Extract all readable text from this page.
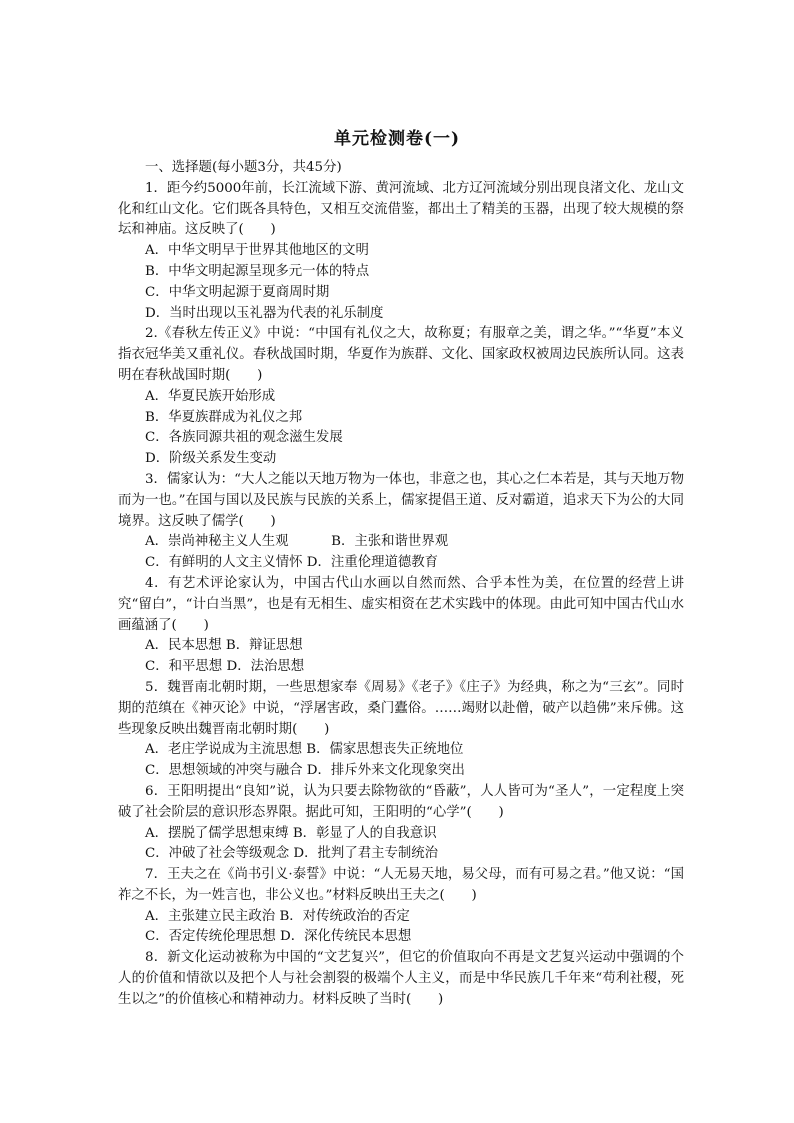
单元检测卷(一)

一、选择题(每小题3分，共45分)

1．距今约5000年前，长江流域下游、黄河流域、北方辽河流域分别出现良渚文化、龙山文化和红山文化。它们既各具特色，又相互交流借鉴，都出土了精美的玉器，出现了较大规模的祭坛和神庙。这反映了(　　)

A．中华文明早于世界其他地区的文明

B．中华文明起源呈现多元一体的特点

C．中华文明起源于夏商周时期

D．当时出现以玉礼器为代表的礼乐制度

2.《春秋左传正义》中说：“中国有礼仪之大，故称夏；有服章之美，谓之华。”“华夏”本义指衣冠华美又重礼仪。春秋战国时期，华夏作为族群、文化、国家政权被周边民族所认同。这表明在春秋战国时期(　　)

A．华夏民族开始形成

B．华夏族群成为礼仪之邦

C．各族同源共祖的观念滋生发展

D．阶级关系发生变动

3．儒家认为：“大人之能以天地万物为一体也，非意之也，其心之仁本若是，其与天地万物而为一也。”在国与国以及民族与民族的关系上，儒家提倡王道、反对霸道，追求天下为公的大同境界。这反映了儒学(　　)

A．崇尚神秘主义人生观          B．主张和谐世界观

C．有鲜明的人文主义情怀 D．注重伦理道德教育

4．有艺术评论家认为，中国古代山水画以自然而然、合乎本性为美，在位置的经营上讲究“留白”，“计白当黑”，也是有无相生、虚实相资在艺术实践中的体现。由此可知中国古代山水画蕴涵了(　　)

A．民本思想 B．辩证思想

C．和平思想 D．法治思想

5．魏晋南北朝时期，一些思想家奉《周易》《老子》《庄子》为经典，称之为“三玄”。同时期的范缜在《神灭论》中说，“浮屠害政，桑门蠹俗。……竭财以赴僧，破产以趋佛”来斥佛。这些现象反映出魏晋南北朝时期(　　)

A．老庄学说成为主流思想 B．儒家思想丧失正统地位

C．思想领域的冲突与融合 D．排斥外来文化现象突出

6．王阳明提出“良知”说，认为只要去除物欲的“昏蔽”，人人皆可为“圣人”，一定程度上突破了社会阶层的意识形态界限。据此可知，王阳明的“心学”(　　)

A．摆脱了儒学思想束缚 B．彰显了人的自我意识

C．冲破了社会等级观念 D．批判了君主专制统治

7．王夫之在《尚书引义·泰誓》中说：“人无易天地，易父母，而有可易之君。”他又说：“国祚之不长，为一姓言也，非公义也。”材料反映出王夫之(　　)

A．主张建立民主政治 B．对传统政治的否定

C．否定传统伦理思想 D．深化传统民本思想

8．新文化运动被称为中国的“文艺复兴”，但它的价值取向不再是文艺复兴运动中强调的个人的价值和情欲以及把个人与社会割裂的极端个人主义，而是中华民族几千年来“苟利社稷，死生以之”的价值核心和精神动力。材料反映了当时(　　)
